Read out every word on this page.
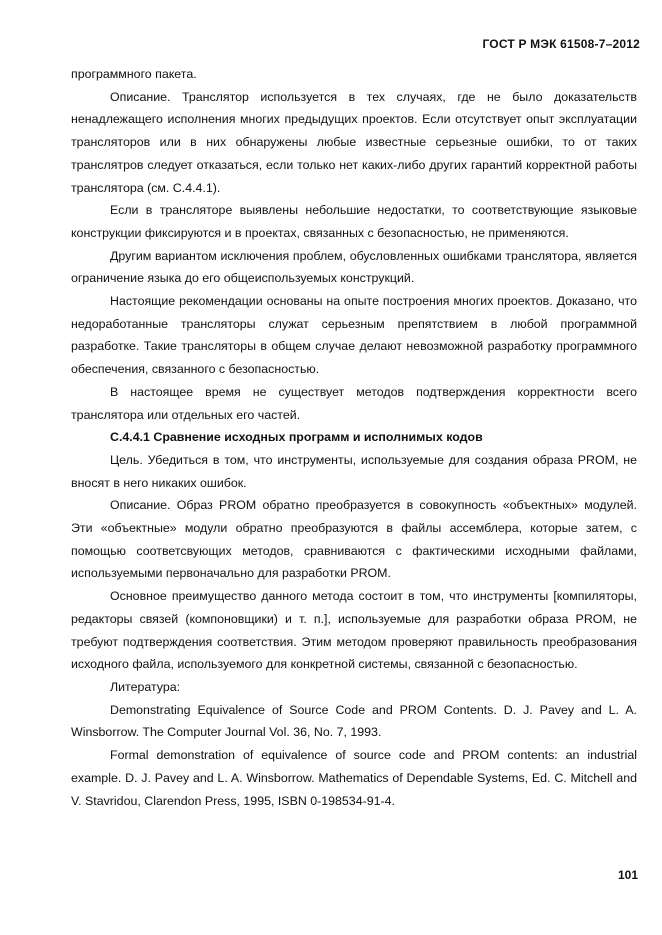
ГОСТ Р МЭК 61508-7–2012

программного пакета.

Описание. Транслятор используется в тех случаях, где не было доказательств ненадлежащего исполнения многих предыдущих проектов. Если отсутствует опыт эксплуатации трансляторов или в них обнаружены любые известные серьезные ошибки, то от таких транслятров следует отказаться, если только нет каких-либо других гарантий корректной работы транслятора (см. С.4.4.1).

Если в трансляторе выявлены небольшие недостатки, то соответствующие языковые конструкции фиксируются и в проектах, связанных с безопасностью, не применяются.

Другим вариантом исключения проблем, обусловленных ошибками транслятора, является ограничение языка до его общеиспользуемых конструкций.

Настоящие рекомендации основаны на опыте построения многих проектов. Доказано, что недоработанные трансляторы служат серьезным препятствием в любой программной разработке. Такие трансляторы в общем случае делают невозможной разработку программного обеспечения, связанного с безопасностью.

В настоящее время не существует методов подтверждения корректности всего транслятора или отдельных его частей.

С.4.4.1 Сравнение исходных программ и исполнимых кодов

Цель. Убедиться в том, что инструменты, используемые для создания образа PROM, не вносят в него никаких ошибок.

Описание. Образ PROM обратно преобразуется в совокупность «объектных» модулей. Эти «объектные» модули обратно преобразуются в файлы ассемблера, которые затем, с помощью соответсвующих методов, сравниваются с фактическими исходными файлами, используемыми первоначально для разработки PROM.

Основное преимущество данного метода состоит в том, что инструменты [компиляторы, редакторы связей (компоновщики) и т. п.], используемые для разработки образа PROM, не требуют подтверждения соответствия. Этим методом проверяют правильность преобразования исходного файла, используемого для конкретной системы, связанной с безопасностью.

Литература:

Demonstrating Equivalence of Source Code and PROM Contents. D. J. Pavey and L. A. Winsborrow. The Computer Journal Vol. 36, No. 7, 1993.

Formal demonstration of equivalence of source code and PROM contents: an industrial example. D. J. Pavey and L. A. Winsborrow. Mathematics of Dependable Systems, Ed. C. Mitchell and V. Stavridou, Clarendon Press, 1995, ISBN 0-198534-91-4.

101
